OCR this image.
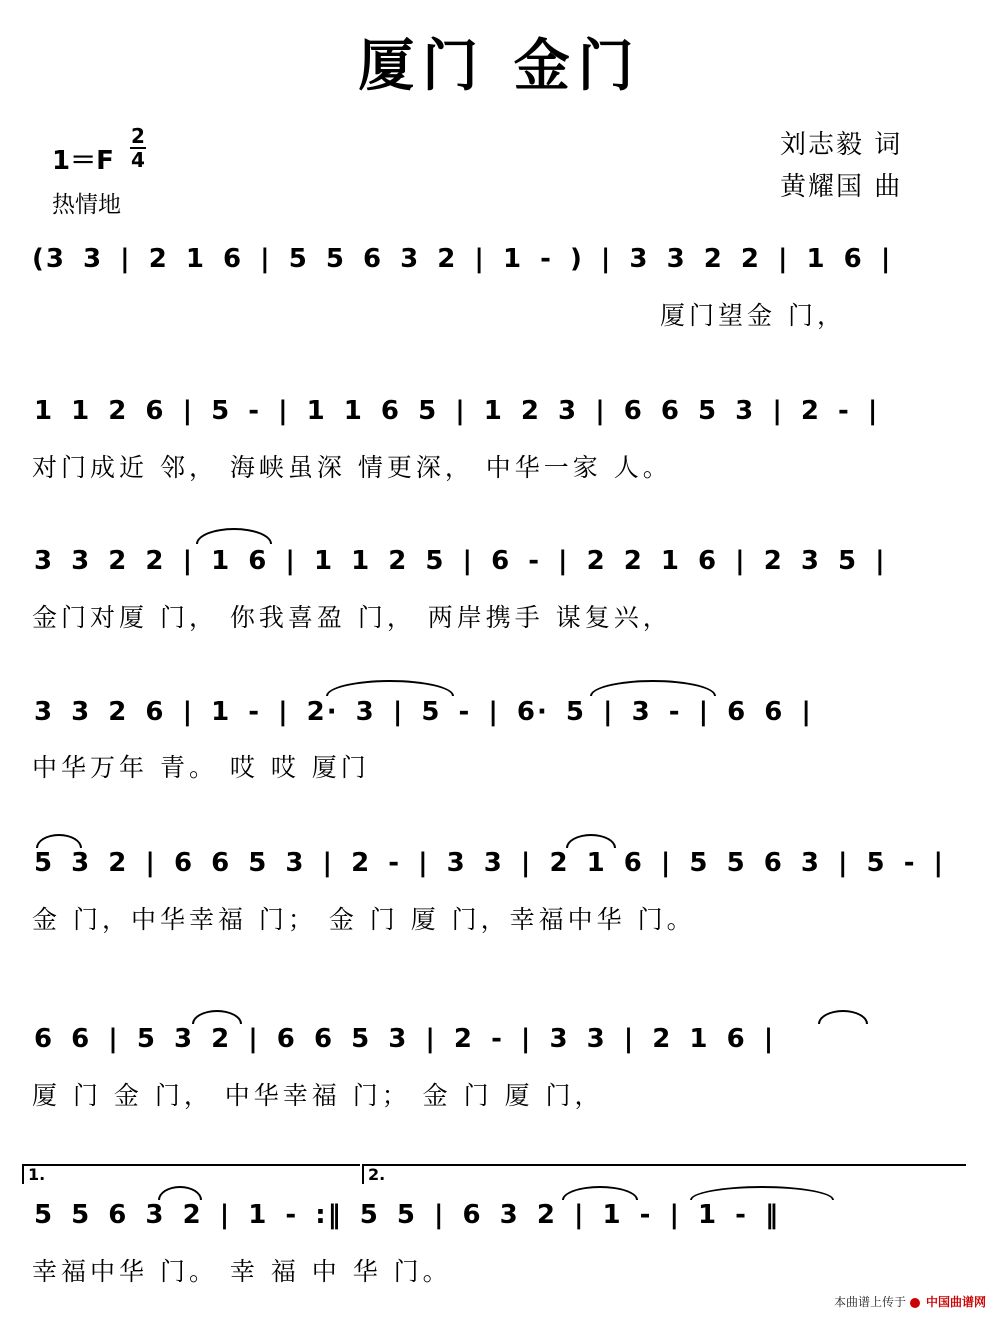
厦门 金门
1＝F
2
4
热情地
刘志毅 词
黄耀国 曲
(3 3 | 2 1 6 | 5 5 6 3 2 | 1 - ) | 3 3 2 2 | 1 6 |
厦门望金 门，
1 1 2 6 | 5 - | 1 1 6 5 | 1 2 3 | 6 6 5 3 | 2 - |
对门成近 邻， 海峡虽深 情更深， 中华一家 人。
3 3 2 2 | 1 6 | 1 1 2 5 | 6 - | 2 2 1 6 | 2 3 5 |
金门对厦 门， 你我喜盈 门， 两岸携手 谋复兴，
3 3 2 6 | 1 - | 2· 3 | 5 - | 6· 5 | 3 - | 6 6 |
中华万年 青。 哎 哎 厦门
5 3 2 | 6 6 5 3 | 2 - | 3 3 | 2 1 6 | 5 5 6 3 | 5 - |
金 门，中华幸福 门； 金 门 厦 门，幸福中华 门。
6 6 | 5 3 2 | 6 6 5 3 | 2 - | 3 3 | 2 1 6 |
厦 门 金 门， 中华幸福 门； 金 门 厦 门，
1.	2.
5 5 6 3 2 | 1 - :‖ 5 5 | 6 3 2 | 1 - | 1 - ‖
幸福中华 门。 幸 福 中 华 门。
本曲谱上传于 中国曲谱网
